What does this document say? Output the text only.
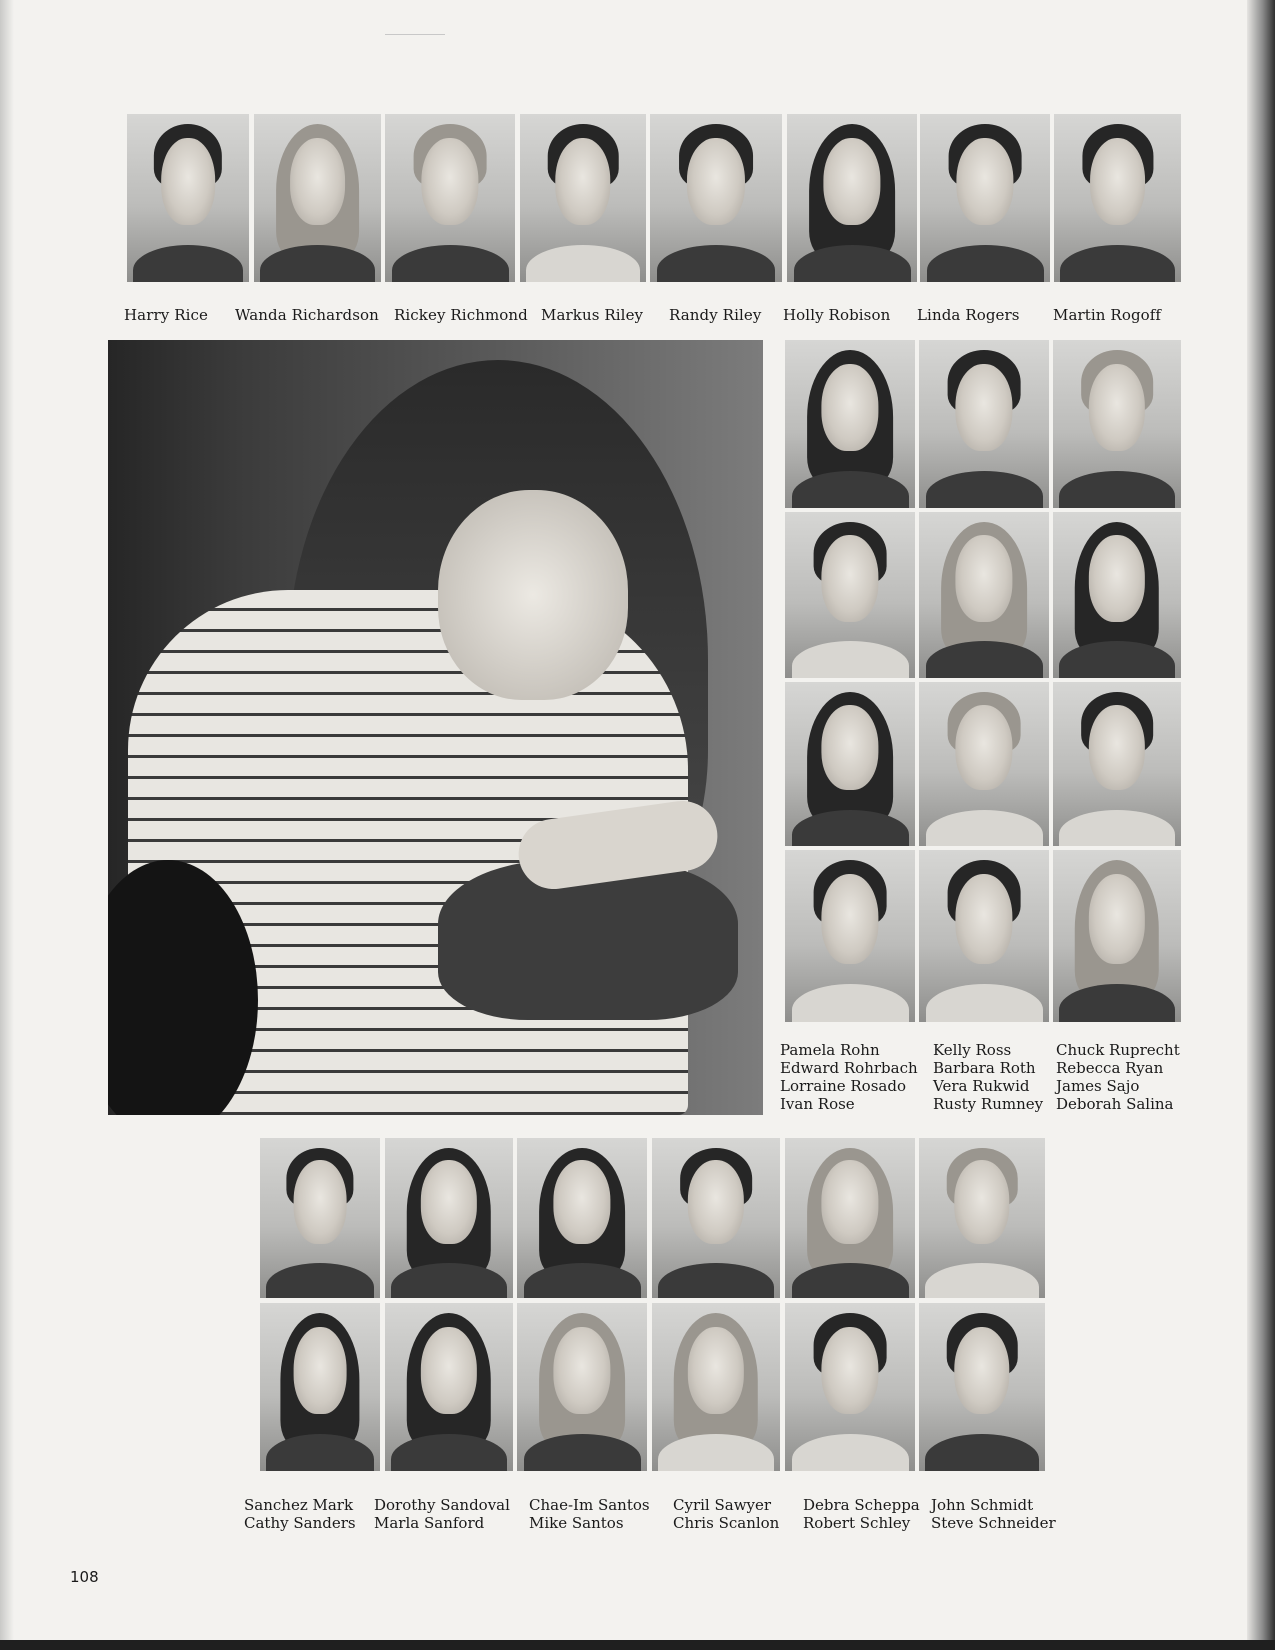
Harry Rice Wanda Richardson Rickey Richmond Markus Riley Randy Riley Holly Robison Linda Rogers Martin Rogoff
Pamela Rohn
Edward Rohrbach
Lorraine Rosado
Ivan Rose
Kelly Ross
Barbara Roth
Vera Rukwid
Rusty Rumney
Chuck Ruprecht
Rebecca Ryan
James Sajo
Deborah Salina
Sanchez Mark
Cathy Sanders
Dorothy Sandoval
Marla Sanford
Chae-Im Santos
Mike Santos
Cyril Sawyer
Chris Scanlon
Debra Scheppa
Robert Schley
John Schmidt
Steve Schneider
108
